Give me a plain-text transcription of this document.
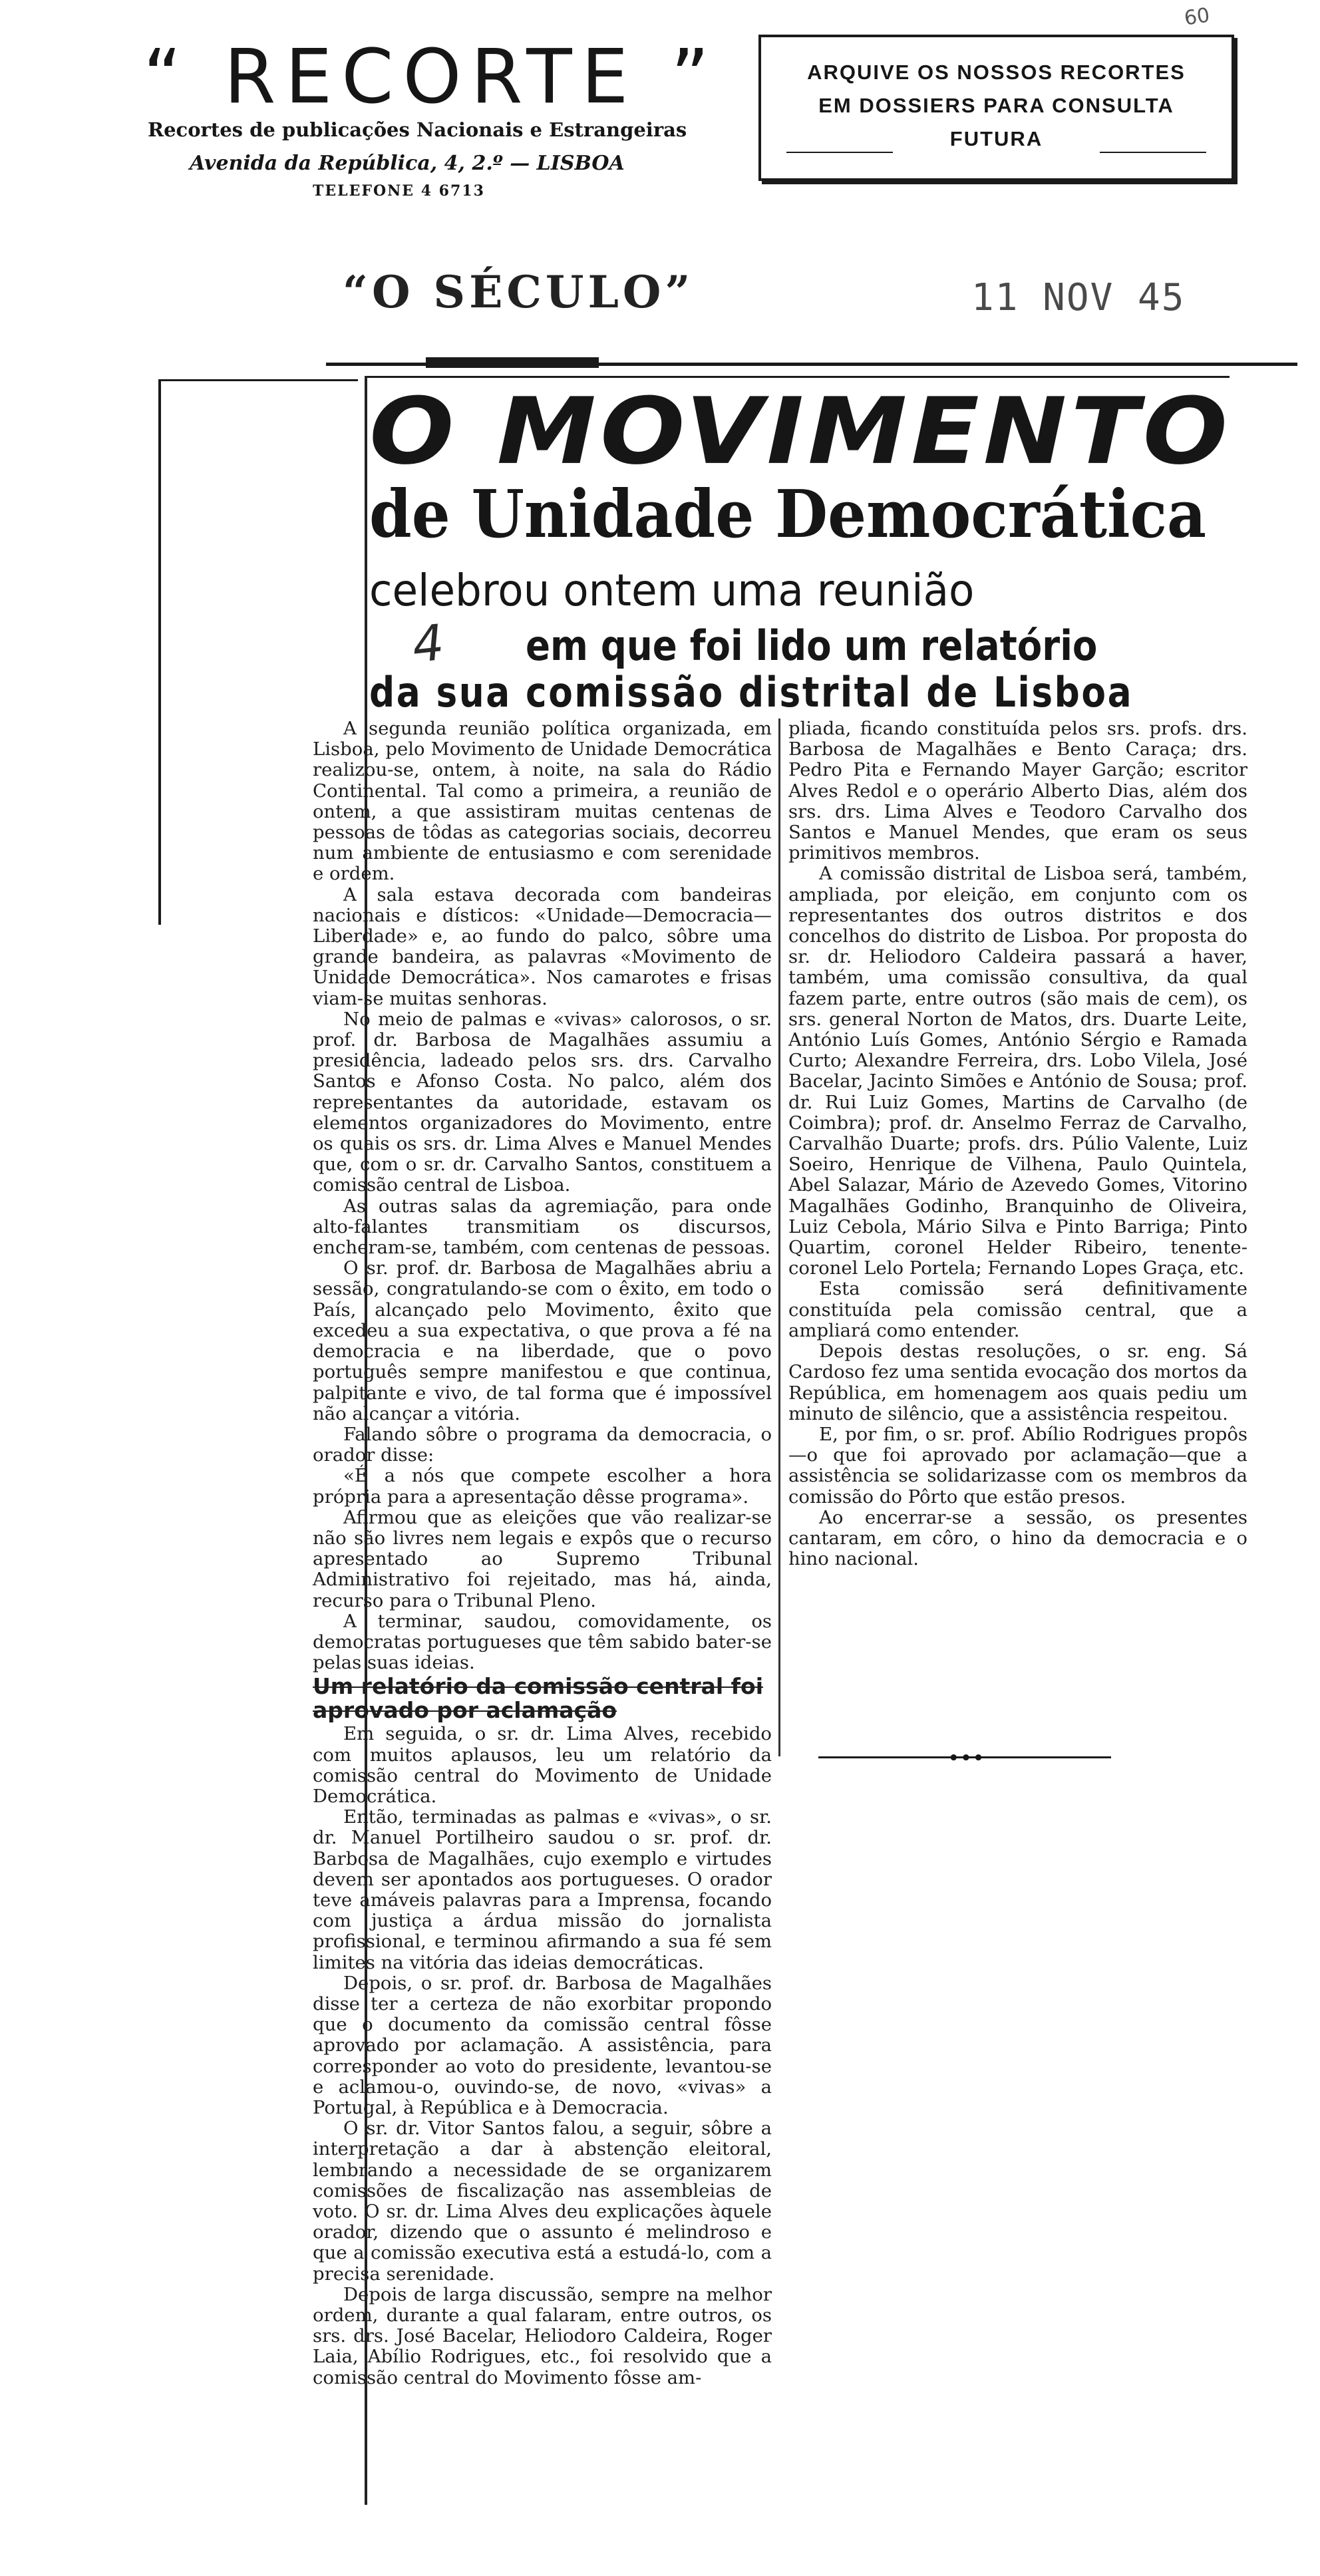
“ RECORTE ”
Recortes de publicações Nacionais e Estrangeiras
Avenida da República, 4, 2.º — LISBOA
TELEFONE 4 6713
ARQUIVE OS NOSSOS RECORTES
EM DOSSIERS PARA CONSULTA
FUTURA
60
“O SÉCULO”	11 NOV 45
LISBOA
O MOVIMENTO
de Unidade Democrática
celebrou ontem uma reunião
4 em que foi lido um relatório
da sua comissão distrital de Lisboa

A segunda reunião política organizada, em Lisboa, pelo Movimento de Unidade Democrática realizou-se, ontem, à noite, na sala do Rádio Continental. Tal como a primeira, a reunião de ontem, a que assistiram muitas centenas de pessoas de tôdas as categorias sociais, decorreu num ambiente de entusiasmo e com serenidade e ordem.

A sala estava decorada com bandeiras nacionais e dísticos: «Unidade—Democracia—Liberdade» e, ao fundo do palco, sôbre uma grande bandeira, as palavras «Movimento de Unidade Democrática». Nos camarotes e frisas viam-se muitas senhoras.

No meio de palmas e «vivas» calorosos, o sr. prof. dr. Barbosa de Magalhães assumiu a presidência, ladeado pelos srs. drs. Carvalho Santos e Afonso Costa. No palco, além dos representantes da autoridade, estavam os elementos organizadores do Movimento, entre os quais os srs. dr. Lima Alves e Manuel Mendes que, com o sr. dr. Carvalho Santos, constituem a comissão central de Lisboa.

As outras salas da agremiação, para onde alto-falantes transmitiam os discursos, encheram-se, também, com centenas de pessoas.

O sr. prof. dr. Barbosa de Magalhães abriu a sessão, congratulando-se com o êxito, em todo o País, alcançado pelo Movimento, êxito que excedeu a sua expectativa, o que prova a fé na democracia e na liberdade, que o povo português sempre manifestou e que continua, palpitante e vivo, de tal forma que é impossível não alcançar a vitória.

Falando sôbre o programa da democracia, o orador disse:

«É a nós que compete escolher a hora própria para a apresentação dêsse programa».

Afirmou que as eleições que vão realizar-se não são livres nem legais e expôs que o recurso apresentado ao Supremo Tribunal Administrativo foi rejeitado, mas há, ainda, recurso para o Tribunal Pleno.

A terminar, saudou, comovidamente, os democratas portugueses que têm sabido bater-se pelas suas ideias.

Um relatório da comissão central foi aprovado por aclamação

Em seguida, o sr. dr. Lima Alves, recebido com muitos aplausos, leu um relatório da comissão central do Movimento de Unidade Democrática.

Então, terminadas as palmas e «vivas», o sr. dr. Manuel Portilheiro saudou o sr. prof. dr. Barbosa de Magalhães, cujo exemplo e virtudes devem ser apontados aos portugueses. O orador teve amáveis palavras para a Imprensa, focando com justiça a árdua missão do jornalista profissional, e terminou afirmando a sua fé sem limites na vitória das ideias democráticas.

Depois, o sr. prof. dr. Barbosa de Magalhães disse ter a certeza de não exorbitar propondo que o documento da comissão central fôsse aprovado por aclamação. A assistência, para corresponder ao voto do presidente, levantou-se e aclamou-o, ouvindo-se, de novo, «vivas» a Portugal, à República e à Democracia.

O sr. dr. Vitor Santos falou, a seguir, sôbre a interpretação a dar à abstenção eleitoral, lembrando a necessidade de se organizarem comissões de fiscalização nas assembleias de voto. O sr. dr. Lima Alves deu explicações àquele orador, dizendo que o assunto é melindroso e que a comissão executiva está a estudá-lo, com a precisa serenidade.

Depois de larga discussão, sempre na melhor ordem, durante a qual falaram, entre outros, os srs. drs. José Bacelar, Heliodoro Caldeira, Roger Laia, Abílio Rodrigues, etc., foi resolvido que a comissão central do Movimento fôsse am-

pliada, ficando constituída pelos srs. profs. drs. Barbosa de Magalhães e Bento Caraça; drs. Pedro Pita e Fernando Mayer Garção; escritor Alves Redol e o operário Alberto Dias, além dos srs. drs. Lima Alves e Teodoro Carvalho dos Santos e Manuel Mendes, que eram os seus primitivos membros.

A comissão distrital de Lisboa será, também, ampliada, por eleição, em conjunto com os representantes dos outros distritos e dos concelhos do distrito de Lisboa. Por proposta do sr. dr. Heliodoro Caldeira passará a haver, também, uma comissão consultiva, da qual fazem parte, entre outros (são mais de cem), os srs. general Norton de Matos, drs. Duarte Leite, António Luís Gomes, António Sérgio e Ramada Curto; Alexandre Ferreira, drs. Lobo Vilela, José Bacelar, Jacinto Simões e António de Sousa; prof. dr. Rui Luiz Gomes, Martins de Carvalho (de Coimbra); prof. dr. Anselmo Ferraz de Carvalho, Carvalhão Duarte; profs. drs. Púlio Valente, Luiz Soeiro, Henrique de Vilhena, Paulo Quintela, Abel Salazar, Mário de Azevedo Gomes, Vitorino Magalhães Godinho, Branquinho de Oliveira, Luiz Cebola, Mário Silva e Pinto Barriga; Pinto Quartim, coronel Helder Ribeiro, tenente-coronel Lelo Portela; Fernando Lopes Graça, etc.

Esta comissão será definitivamente constituída pela comissão central, que a ampliará como entender.

Depois destas resoluções, o sr. eng. Sá Cardoso fez uma sentida evocação dos mortos da República, em homenagem aos quais pediu um minuto de silêncio, que a assistência respeitou.

E, por fim, o sr. prof. Abílio Rodrigues propôs—o que foi aprovado por aclamação—que a assistência se solidarizasse com os membros da comissão do Pôrto que estão presos.

Ao encerrar-se a sessão, os presentes cantaram, em côro, o hino da democracia e o hino nacional.

•••
